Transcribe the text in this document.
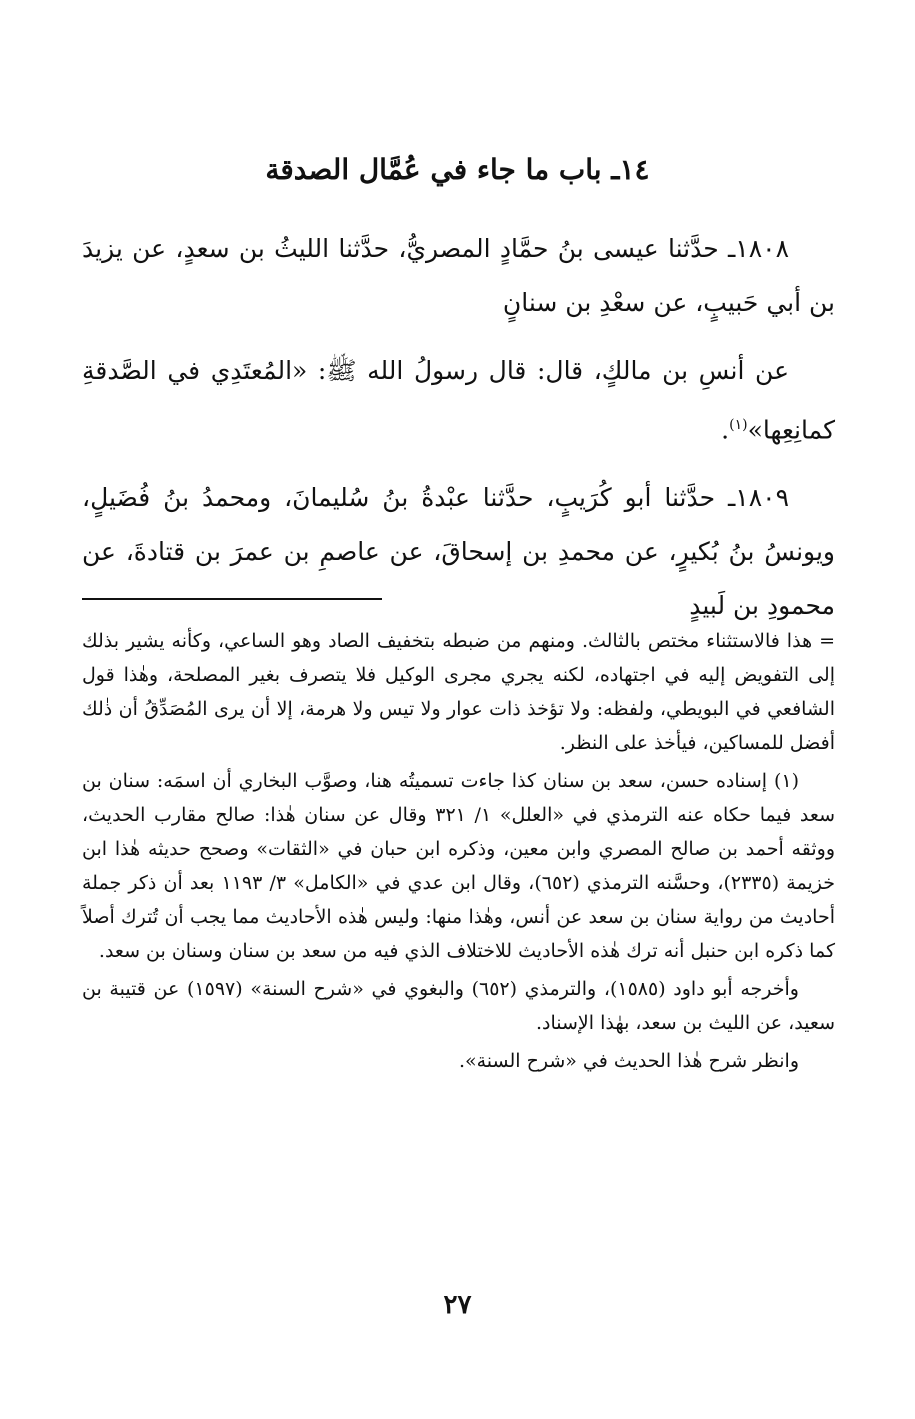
١٤ـ باب ما جاء في عُمَّال الصدقة

١٨٠٨ـ حدَّثنا عيسى بنُ حمَّادٍ المصريُّ، حدَّثنا الليثُ بن سعدٍ، عن يزيدَ بن أبي حَبيبٍ، عن سعْدِ بن سنانٍ

عن أنسِ بن مالكٍ، قال: قال رسولُ الله ﷺ: «المُعتَدِي في الصَّدقةِ كمانِعِها»$^{(١)}$.

١٨٠٩ـ حدَّثنا أبو كُرَيبٍ، حدَّثنا عبْدةُ بنُ سُليمانَ، ومحمدُ بنُ فُضَيلٍ، ويونسُ بنُ بُكيرٍ، عن محمدِ بن إسحاقَ، عن عاصمِ بن عمرَ بن قتادةَ، عن محمودِ بن لَبيدٍ

= هذا فالاستثناء مختص بالثالث. ومنهم من ضبطه بتخفيف الصاد وهو الساعي، وكأنه يشير بذلك إلى التفويض إليه في اجتهاده، لكنه يجري مجرى الوكيل فلا يتصرف بغير المصلحة، وهٰذا قول الشافعي في البويطي، ولفظه: ولا تؤخذ ذات عوار ولا تيس ولا هرمة، إلا أن يرى المُصَدِّقُ أن ذٰلك أفضل للمساكين، فيأخذ على النظر.

(١) إسناده حسن، سعد بن سنان كذا جاءت تسميتُه هنا، وصوَّب البخاري أن اسمَه: سنان بن سعد فيما حكاه عنه الترمذي في «العلل» ١/ ٣٢١ وقال عن سنان هٰذا: صالح مقارب الحديث، ووثقه أحمد بن صالح المصري وابن معين، وذكره ابن حبان في «الثقات» وصحح حديثه هٰذا ابن خزيمة (٢٣٣٥)، وحسَّنه الترمذي (٦٥٢)، وقال ابن عدي في «الكامل» ٣/ ١١٩٣ بعد أن ذكر جملة أحاديث من رواية سنان بن سعد عن أنس، وهٰذا منها: وليس هٰذه الأحاديث مما يجب أن تُترك أصلاً كما ذكره ابن حنبل أنه ترك هٰذه الأحاديث للاختلاف الذي فيه من سعد بن سنان وسنان بن سعد.

وأخرجه أبو داود (١٥٨٥)، والترمذي (٦٥٢) والبغوي في «شرح السنة» (١٥٩٧) عن قتيبة بن سعيد، عن الليث بن سعد، بهٰذا الإسناد.

وانظر شرح هٰذا الحديث في «شرح السنة».

٢٧
